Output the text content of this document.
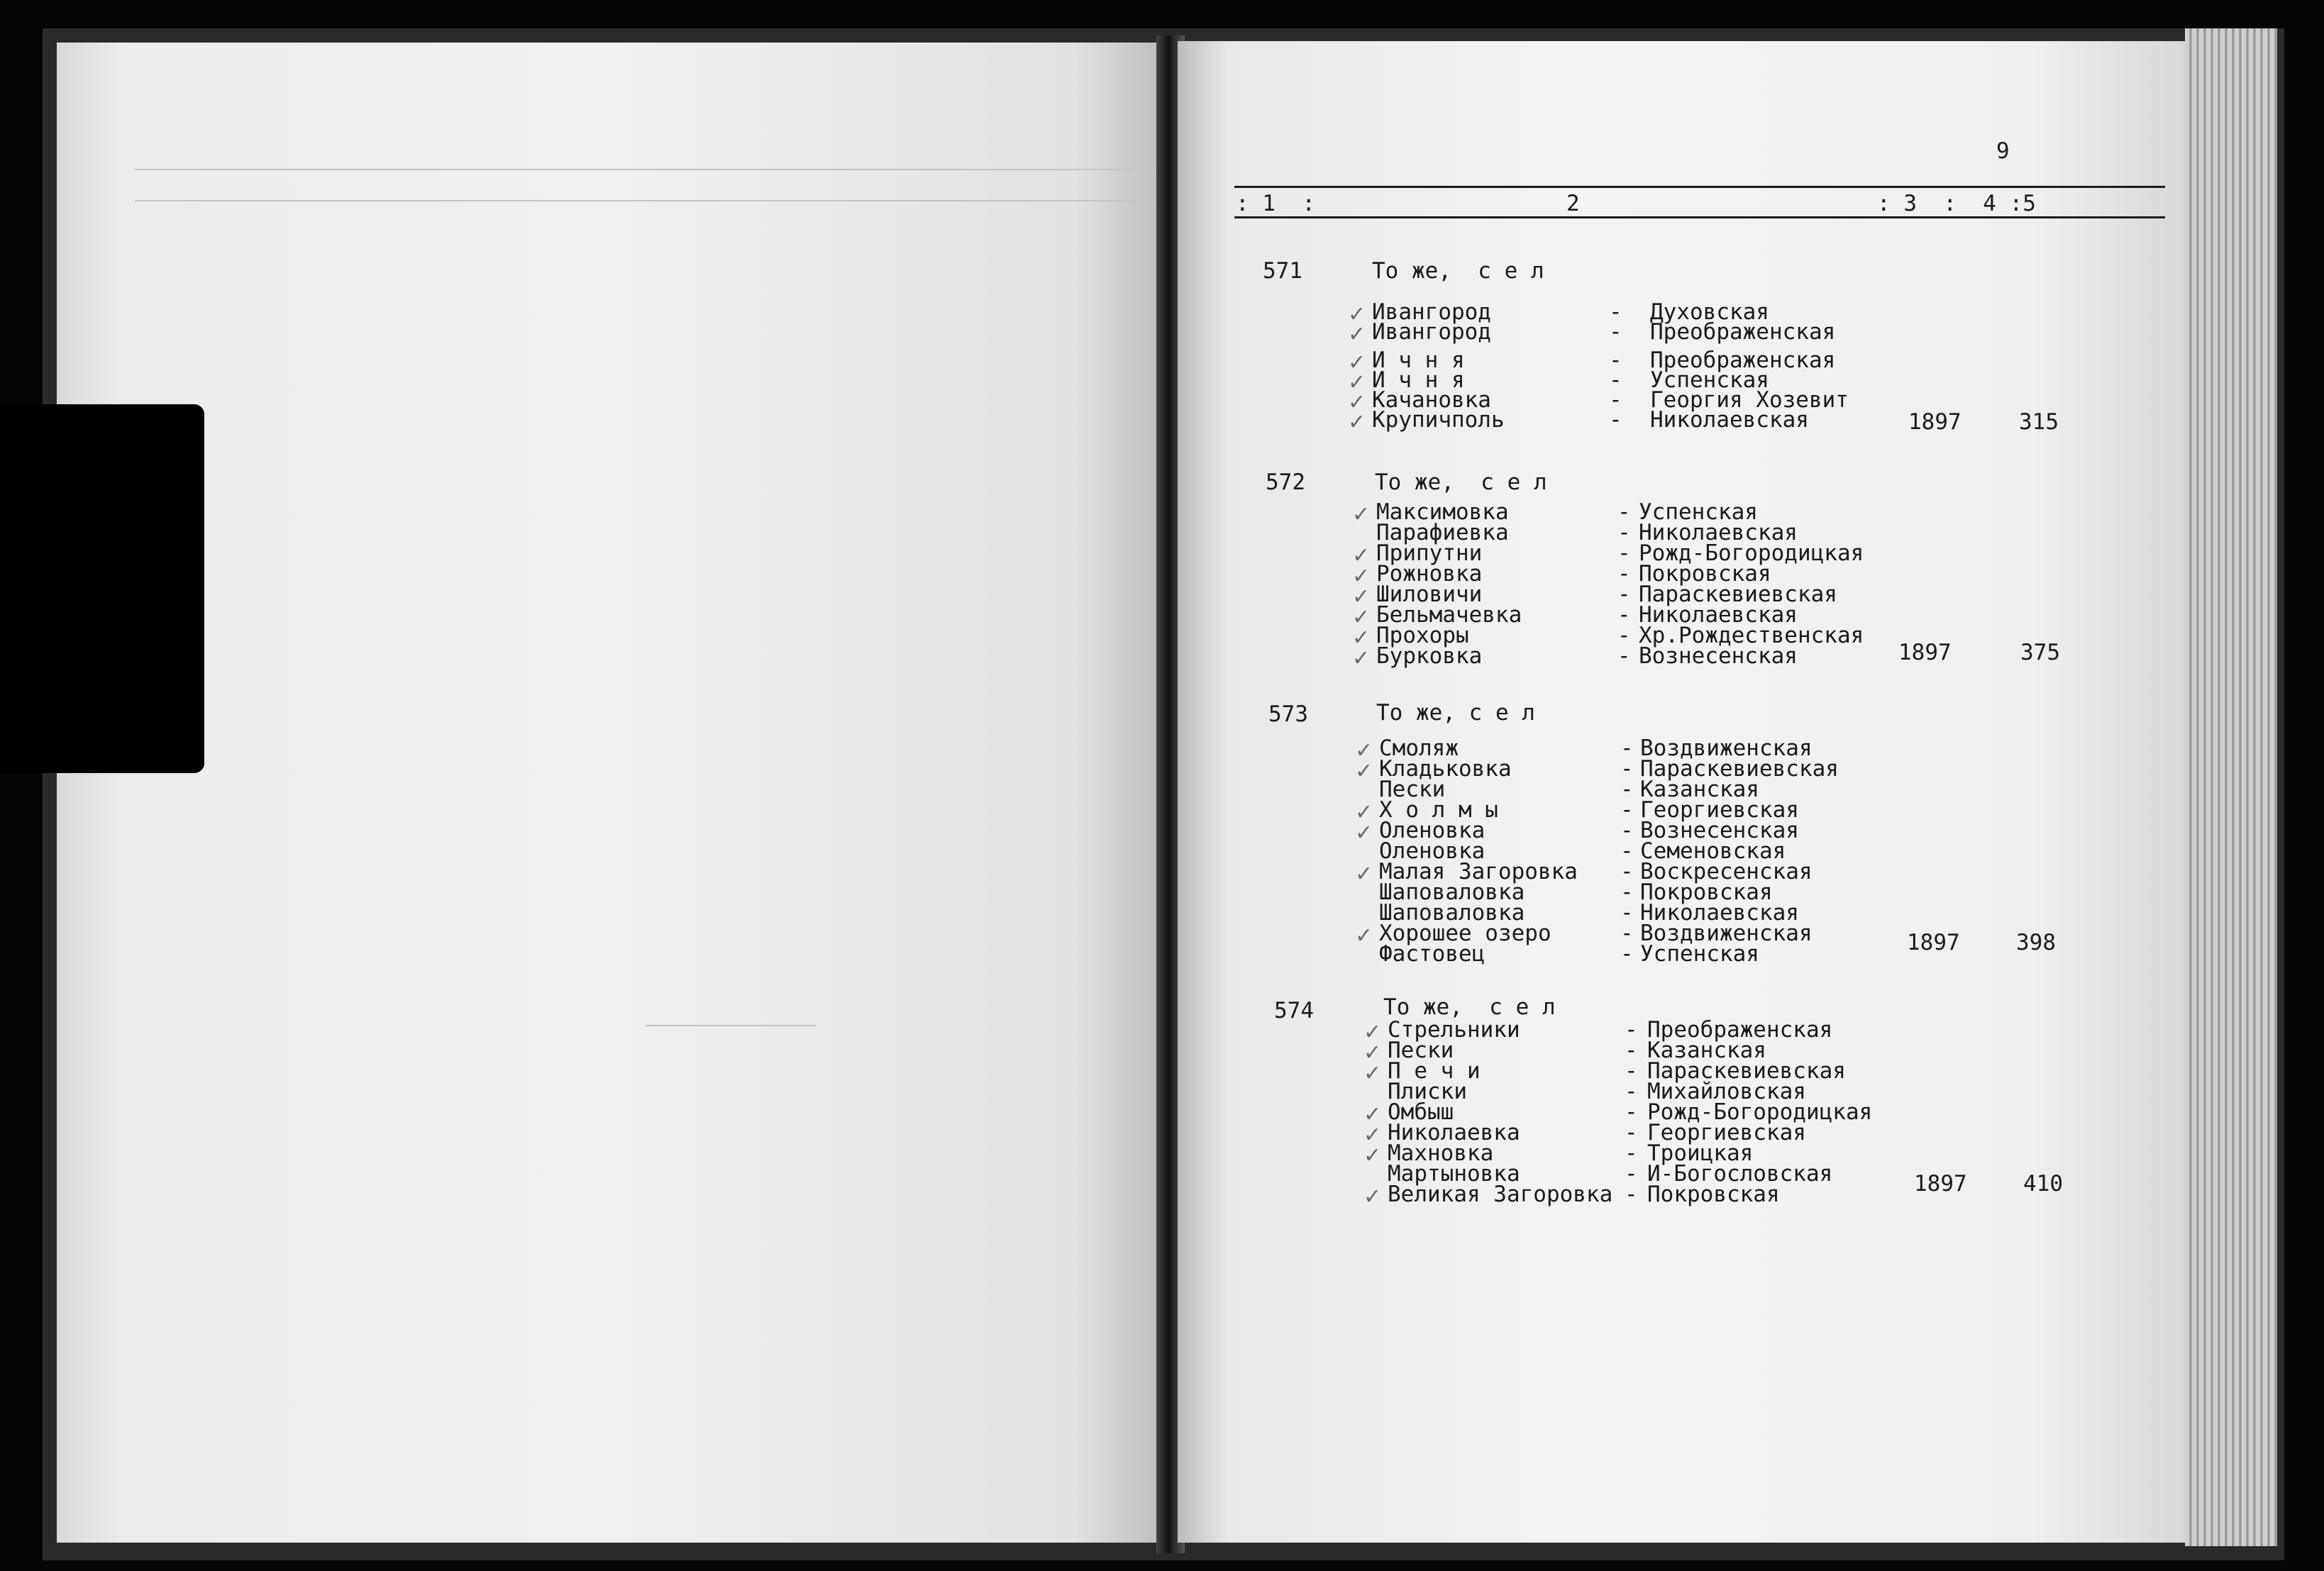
9
: 1  :	2	: 3  :  4 :5
571	То же,  с е л
✓ Ивангород	- Духовская
✓ Ивангород	- Преображенская
✓ И ч н я	- Преображенская
✓ И ч н я	- Успенская
✓ Качановка	- Георгия Хозевит
✓ Крупичполь	- Николаевская	1897	315
572	То же,  с е л
✓ Максимовка	- Успенская
Парафиевка	- Николаевская
✓ Припутни	- Рожд-Богородицкая
✓ Рожновка	- Покровская
✓ Шиловичи	- Параскевиевская
✓ Бельмачевка	- Николаевская
✓ Прохоры	- Хр.Рождественская
✓ Бурковка	- Вознесенская	1897	375
573	То же, с е л
✓ Смоляж	- Воздвиженская
✓ Кладьковка	- Параскевиевская
Пески	- Казанская
✓ Х о л м ы	- Георгиевская
✓ Оленовка	- Вознесенская
Оленовка	- Семеновская
✓ Малая Загоровка - Воскресенская
Шаповаловка	- Покровская
Шаповаловка	- Николаевская
✓ Хорошее озеро	- Воздвиженская
Фастовец	- Успенская	1897	398
574	То же,  с е л
✓ Стрельники	- Преображенская
✓ Пески	- Казанская
✓ П е ч и	- Параскевиевская
Плиски	- Михайловская
✓ Омбыш	- Рожд-Богородицкая
✓ Николаевка	- Георгиевская
✓ Махновка	- Троицкая
Мартыновка	- И-Богословская
✓ Великая Загоровка - Покровская	1897	410
